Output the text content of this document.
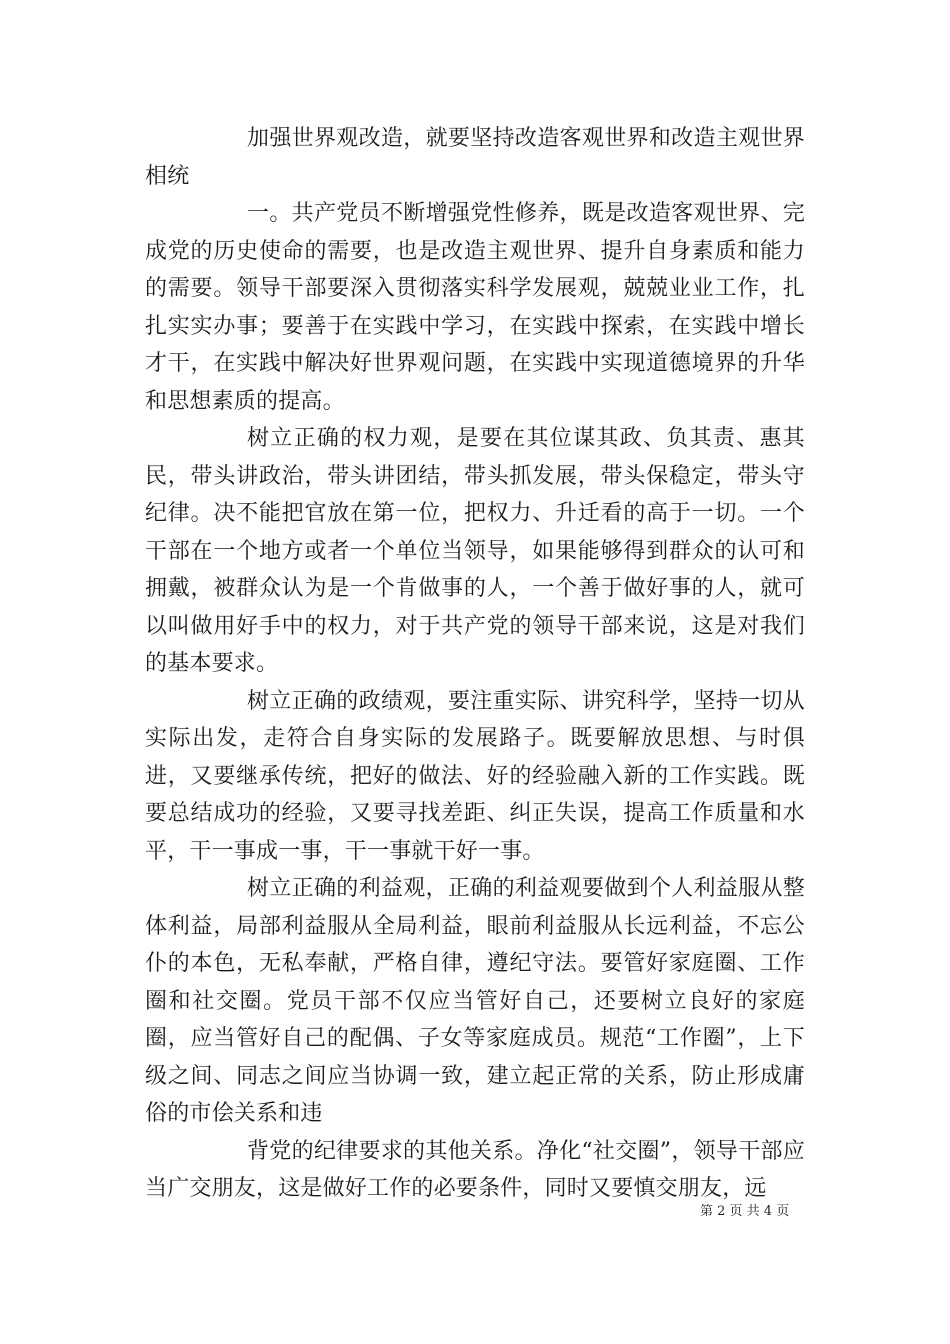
加强世界观改造，就要坚持改造客观世界和改造主观世界相统

一。共产党员不断增强党性修养，既是改造客观世界、完成党的历史使命的需要，也是改造主观世界、提升自身素质和能力的需要。领导干部要深入贯彻落实科学发展观，兢兢业业工作，扎扎实实办事；要善于在实践中学习，在实践中探索，在实践中增长才干，在实践中解决好世界观问题，在实践中实现道德境界的升华和思想素质的提高。

树立正确的权力观，是要在其位谋其政、负其责、惠其民，带头讲政治，带头讲团结，带头抓发展，带头保稳定，带头守纪律。决不能把官放在第一位，把权力、升迁看的高于一切。一个干部在一个地方或者一个单位当领导，如果能够得到群众的认可和拥戴，被群众认为是一个肯做事的人，一个善于做好事的人，就可以叫做用好手中的权力，对于共产党的领导干部来说，这是对我们的基本要求。

树立正确的政绩观，要注重实际、讲究科学，坚持一切从实际出发，走符合自身实际的发展路子。既要解放思想、与时俱进，又要继承传统，把好的做法、好的经验融入新的工作实践。既要总结成功的经验，又要寻找差距、纠正失误，提高工作质量和水平，干一事成一事，干一事就干好一事。

树立正确的利益观，正确的利益观要做到个人利益服从整体利益，局部利益服从全局利益，眼前利益服从长远利益，不忘公仆的本色，无私奉献，严格自律，遵纪守法。要管好家庭圈、工作圈和社交圈。党员干部不仅应当管好自己，还要树立良好的家庭圈，应当管好自己的配偶、子女等家庭成员。规范“工作圈”，上下级之间、同志之间应当协调一致，建立起正常的关系，防止形成庸俗的市侩关系和违

背党的纪律要求的其他关系。净化“社交圈”，领导干部应当广交朋友，这是做好工作的必要条件，同时又要慎交朋友，远

第 2 页 共 4 页
